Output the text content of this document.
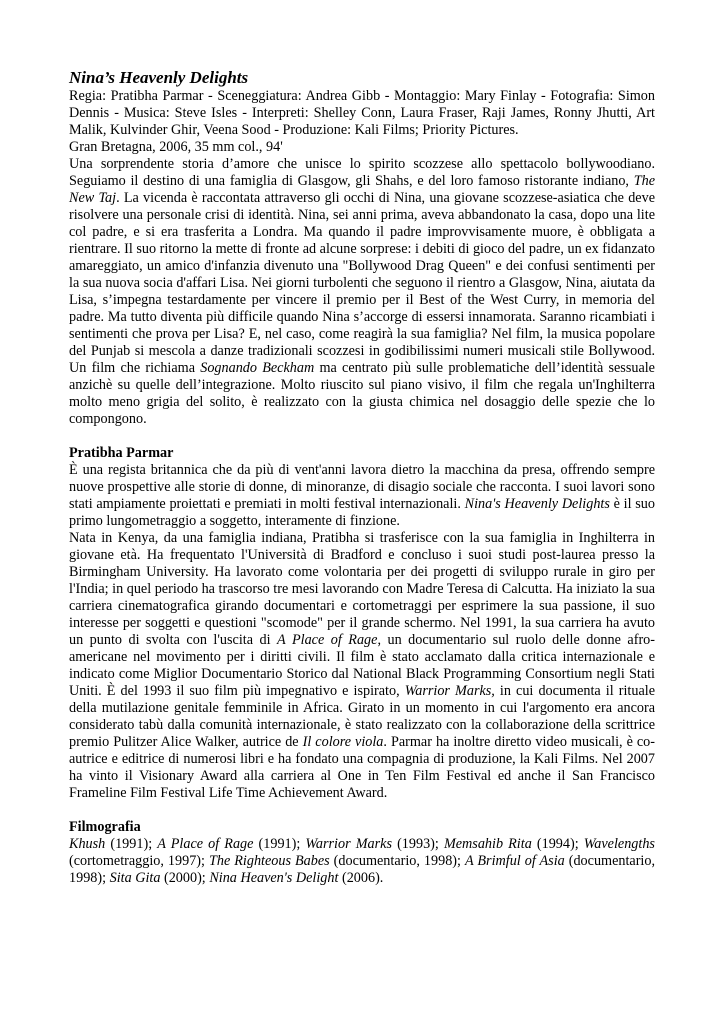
Nina’s Heavenly Delights

Regia: Pratibha Parmar - Sceneggiatura: Andrea Gibb - Montaggio: Mary Finlay - Fotografia: Simon Dennis - Musica: Steve Isles - Interpreti: Shelley Conn, Laura Fraser, Raji James, Ronny Jhutti, Art Malik, Kulvinder Ghir, Veena Sood - Produzione: Kali Films; Priority Pictures.

Gran Bretagna, 2006, 35 mm col., 94'

Una sorprendente storia d’amore che unisce lo spirito scozzese allo spettacolo bollywoodiano. Seguiamo il destino di una famiglia di Glasgow, gli Shahs, e del loro famoso ristorante indiano, The New Taj. La vicenda è raccontata attraverso gli occhi di Nina, una giovane scozzese-asiatica che deve risolvere una personale crisi di identità. Nina, sei anni prima, aveva abbandonato la casa, dopo una lite col padre, e si era trasferita a Londra. Ma quando il padre improvvisamente muore, è obbligata a rientrare. Il suo ritorno la mette di fronte ad alcune sorprese: i debiti di gioco del padre, un ex fidanzato amareggiato, un amico d'infanzia divenuto una "Bollywood Drag Queen" e dei confusi sentimenti per la sua nuova socia d'affari Lisa. Nei giorni turbolenti che seguono il rientro a Glasgow, Nina, aiutata da Lisa, s’impegna testardamente per vincere il premio per il Best of the West Curry, in memoria del padre. Ma tutto diventa più difficile quando Nina s’accorge di essersi innamorata. Saranno ricambiati i sentimenti che prova per Lisa? E, nel caso, come reagirà la sua famiglia? Nel film, la musica popolare del Punjab si mescola a danze tradizionali scozzesi in godibilissimi numeri musicali stile Bollywood. Un film che richiama Sognando Beckham ma centrato più sulle problematiche dell’identità sessuale anzichè su quelle dell’integrazione. Molto riuscito sul piano visivo, il film che regala un'Inghilterra molto meno grigia del solito, è realizzato con la giusta chimica nel dosaggio delle spezie che lo compongono.

Pratibha Parmar

È una regista britannica che da più di vent'anni lavora dietro la macchina da presa, offrendo sempre nuove prospettive alle storie di donne, di minoranze, di disagio sociale che racconta. I suoi lavori sono stati ampiamente proiettati e premiati in molti festival internazionali. Nina's Heavenly Delights è il suo primo lungometraggio a soggetto, interamente di finzione.

Nata in Kenya, da una famiglia indiana, Pratibha si trasferisce con la sua famiglia in Inghilterra in giovane età. Ha frequentato l'Università di Bradford e concluso i suoi studi post-laurea presso la Birmingham University. Ha lavorato come volontaria per dei progetti di sviluppo rurale in giro per l'India; in quel periodo ha trascorso tre mesi lavorando con Madre Teresa di Calcutta. Ha iniziato la sua carriera cinematografica girando documentari e cortometraggi per esprimere la sua passione, il suo interesse per soggetti e questioni "scomode" per il grande schermo. Nel 1991, la sua carriera ha avuto un punto di svolta con l'uscita di A Place of Rage, un documentario sul ruolo delle donne afro-americane nel movimento per i diritti civili. Il film è stato acclamato dalla critica internazionale e indicato come Miglior Documentario Storico dal National Black Programming Consortium negli Stati Uniti. È del 1993 il suo film più impegnativo e ispirato, Warrior Marks, in cui documenta il rituale della mutilazione genitale femminile in Africa. Girato in un momento in cui l'argomento era ancora considerato tabù dalla comunità internazionale, è stato realizzato con la collaborazione della scrittrice premio Pulitzer Alice Walker, autrice de Il colore viola. Parmar ha inoltre diretto video musicali, è co-autrice e editrice di numerosi libri e ha fondato una compagnia di produzione, la Kali Films. Nel 2007 ha vinto il Visionary Award alla carriera al One in Ten Film Festival ed anche il San Francisco Frameline Film Festival Life Time Achievement Award.

Filmografia

Khush (1991); A Place of Rage (1991); Warrior Marks (1993); Memsahib Rita (1994); Wavelengths (cortometraggio, 1997); The Righteous Babes (documentario, 1998); A Brimful of Asia (documentario, 1998); Sita Gita (2000); Nina Heaven's Delight (2006).
